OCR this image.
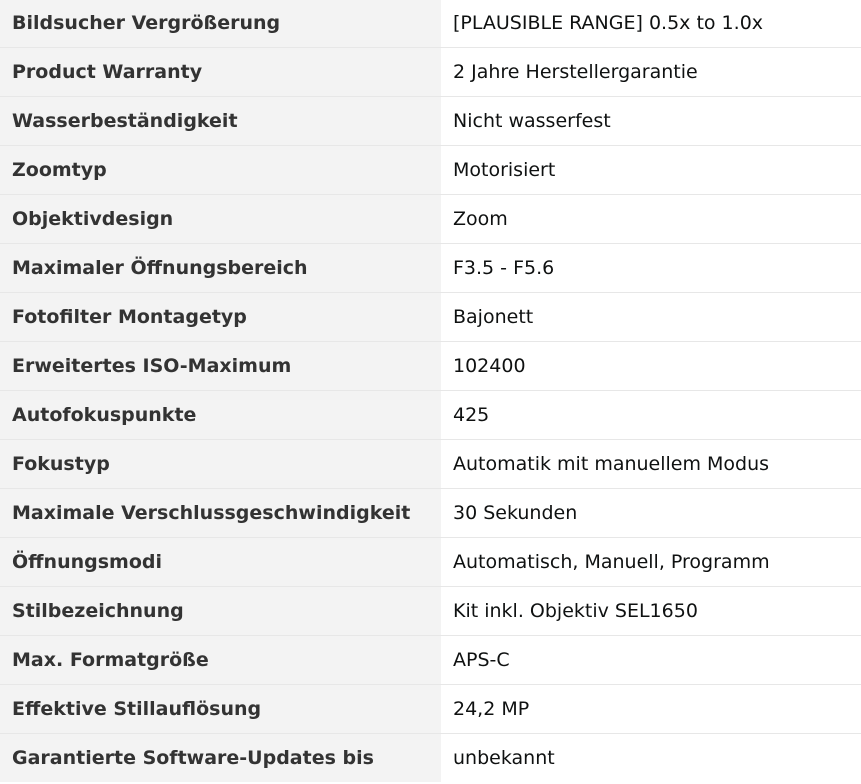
Bildsucher Vergrößerung	[PLAUSIBLE RANGE] 0.5x to 1.0x
Product Warranty	2 Jahre Herstellergarantie
Wasserbeständigkeit	Nicht wasserfest
Zoomtyp	Motorisiert
Objektivdesign	Zoom
Maximaler Öffnungsbereich	F3.5 - F5.6
Fotofilter Montagetyp	Bajonett
Erweitertes ISO-Maximum	102400
Autofokuspunkte	425
Fokustyp	Automatik mit manuellem Modus
Maximale Verschlussgeschwindigkeit	30 Sekunden
Öffnungsmodi	Automatisch, Manuell, Programm
Stilbezeichnung	Kit inkl. Objektiv SEL1650
Max. Formatgröße	APS-C
Effektive Stillauflösung	24,2 MP
Garantierte Software-Updates bis	unbekannt
